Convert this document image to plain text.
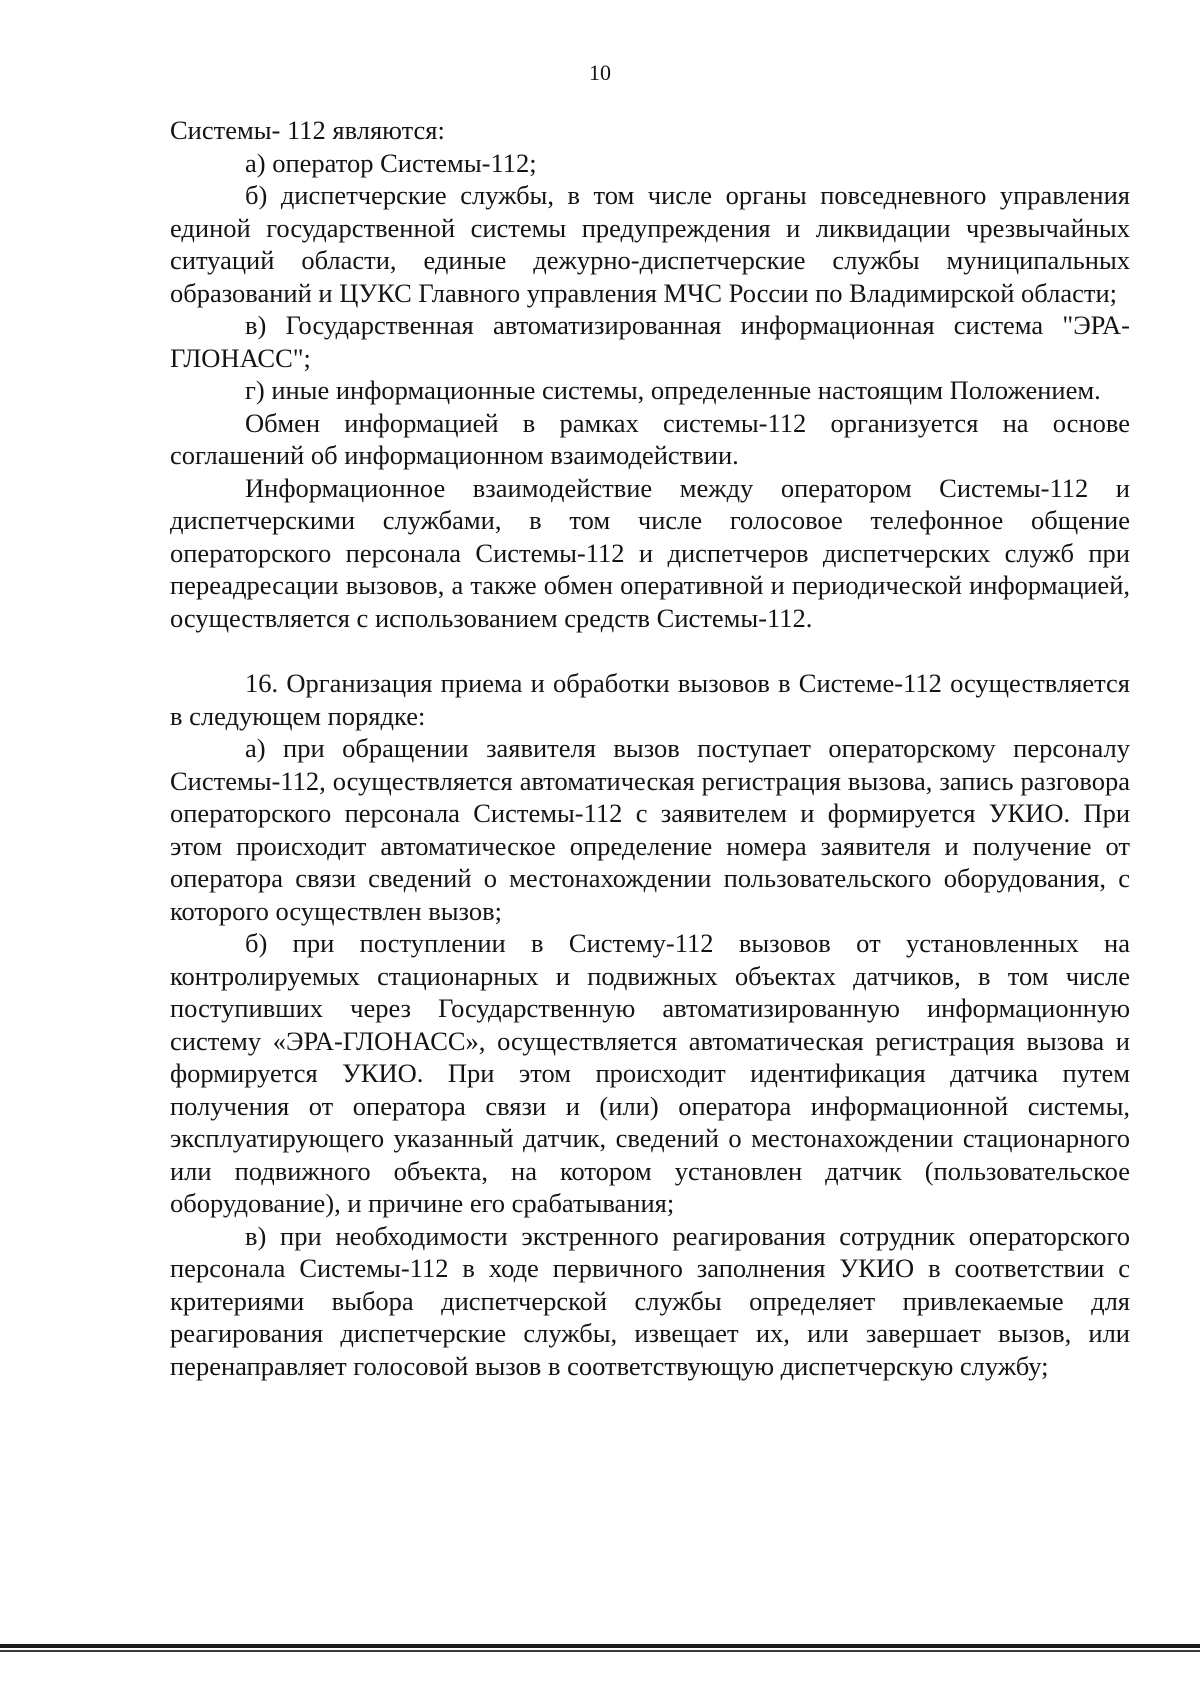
10

Системы- 112 являются:

а) оператор Системы-112;

б) диспетчерские службы, в том числе органы повседневного управления единой государственной системы предупреждения и ликвидации чрезвычайных ситуаций области, единые дежурно-диспетчерские службы муниципальных образований и ЦУКС Главного управления МЧС России по Владимирской области;

в) Государственная автоматизированная информационная система "ЭРА- ГЛОНАСС";

г) иные информационные системы, определенные настоящим Положением.

Обмен информацией в рамках системы-112 организуется на основе соглашений об информационном взаимодействии.

Информационное взаимодействие между оператором Системы-112 и диспетчерскими службами, в том числе голосовое телефонное общение операторского персонала Системы-112 и диспетчеров диспетчерских служб при переадресации вызовов, а также обмен оперативной и периодической информацией, осуществляется с использованием средств Системы-112.

16. Организация приема и обработки вызовов в Системе-112 осуществляется в следующем порядке:

а) при обращении заявителя вызов поступает операторскому персоналу Системы-112, осуществляется автоматическая регистрация вызова, запись разговора операторского персонала Системы-112 с заявителем и формируется УКИО. При этом происходит автоматическое определение номера заявителя и получение от оператора связи сведений о местонахождении пользовательского оборудования, с которого осуществлен вызов;

б) при поступлении в Систему-112 вызовов от установленных на контролируемых стационарных и подвижных объектах датчиков, в том числе поступивших через Государственную автоматизированную информационную систему «ЭРА-ГЛОНАСС», осуществляется автоматическая регистрация вызова и формируется УКИО. При этом происходит идентификация датчика путем получения от оператора связи и (или) оператора информационной системы, эксплуатирующего указанный датчик, сведений о местонахождении стационарного или подвижного объекта, на котором установлен датчик (пользовательское оборудование), и причине его срабатывания;

в) при необходимости экстренного реагирования сотрудник операторского персонала Системы-112 в ходе первичного заполнения УКИО в соответствии с критериями выбора диспетчерской службы определяет привлекаемые для реагирования диспетчерские службы, извещает их, или завершает вызов, или перенаправляет голосовой вызов в соответствующую диспетчерскую службу;
